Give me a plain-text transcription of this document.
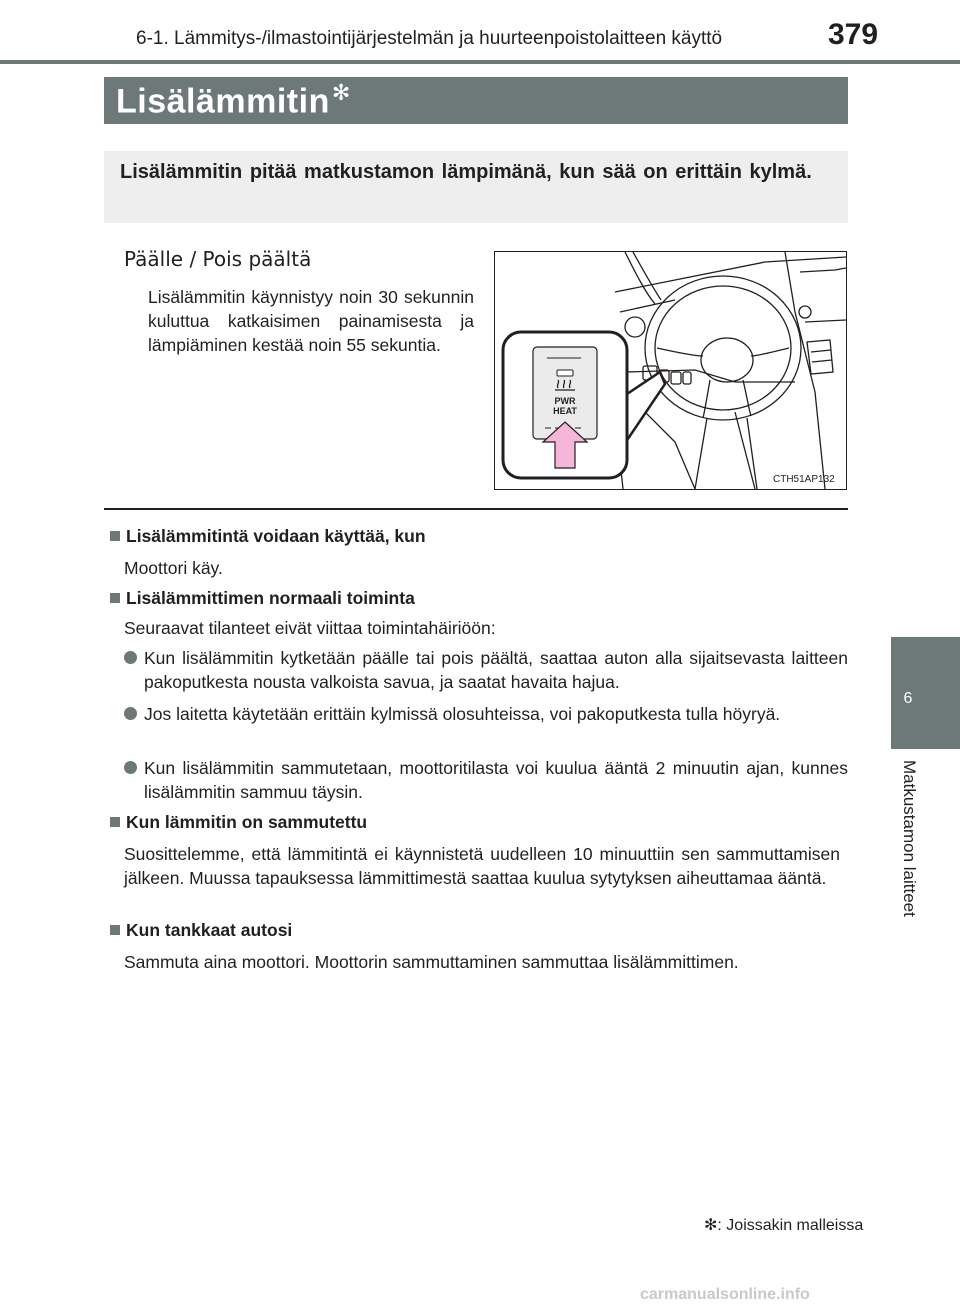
6-1. Lämmitys-/ilmastointijärjestelmän ja huurteenpoistolaitteen käyttö	379
Lisälämmitin✻
Lisälämmitin pitää matkustamon lämpimänä, kun sää on erittäin kylmä.
Päälle / Pois päältä
Lisälämmitin käynnistyy noin 30 sekunnin kuluttua katkaisimen painamisesta ja lämpiäminen kestää noin 55 sekuntia.
PWR
HEAT
CTH51AP132
Lisälämmitintä voidaan käyttää, kun
Moottori käy.
Lisälämmittimen normaali toiminta
Seuraavat tilanteet eivät viittaa toimintahäiriöön:
Kun lisälämmitin kytketään päälle tai pois päältä, saattaa auton alla sijaitsevasta laitteen pakoputkesta nousta valkoista savua, ja saatat havaita hajua.
Jos laitetta käytetään erittäin kylmissä olosuhteissa, voi pakoputkesta tulla höyryä.
Kun lisälämmitin sammutetaan, moottoritilasta voi kuulua ääntä 2 minuutin ajan, kunnes lisälämmitin sammuu täysin.
Kun lämmitin on sammutettu
Suosittelemme, että lämmitintä ei käynnistetä uudelleen 10 minuuttiin sen sammuttamisen jälkeen. Muussa tapauksessa lämmittimestä saattaa kuulua sytytyksen aiheuttamaa ääntä.
Kun tankkaat autosi
Sammuta aina moottori. Moottorin sammuttaminen sammuttaa lisälämmittimen.
✻: Joissakin malleissa
6
Matkustamon laitteet
carmanualsonline.info
